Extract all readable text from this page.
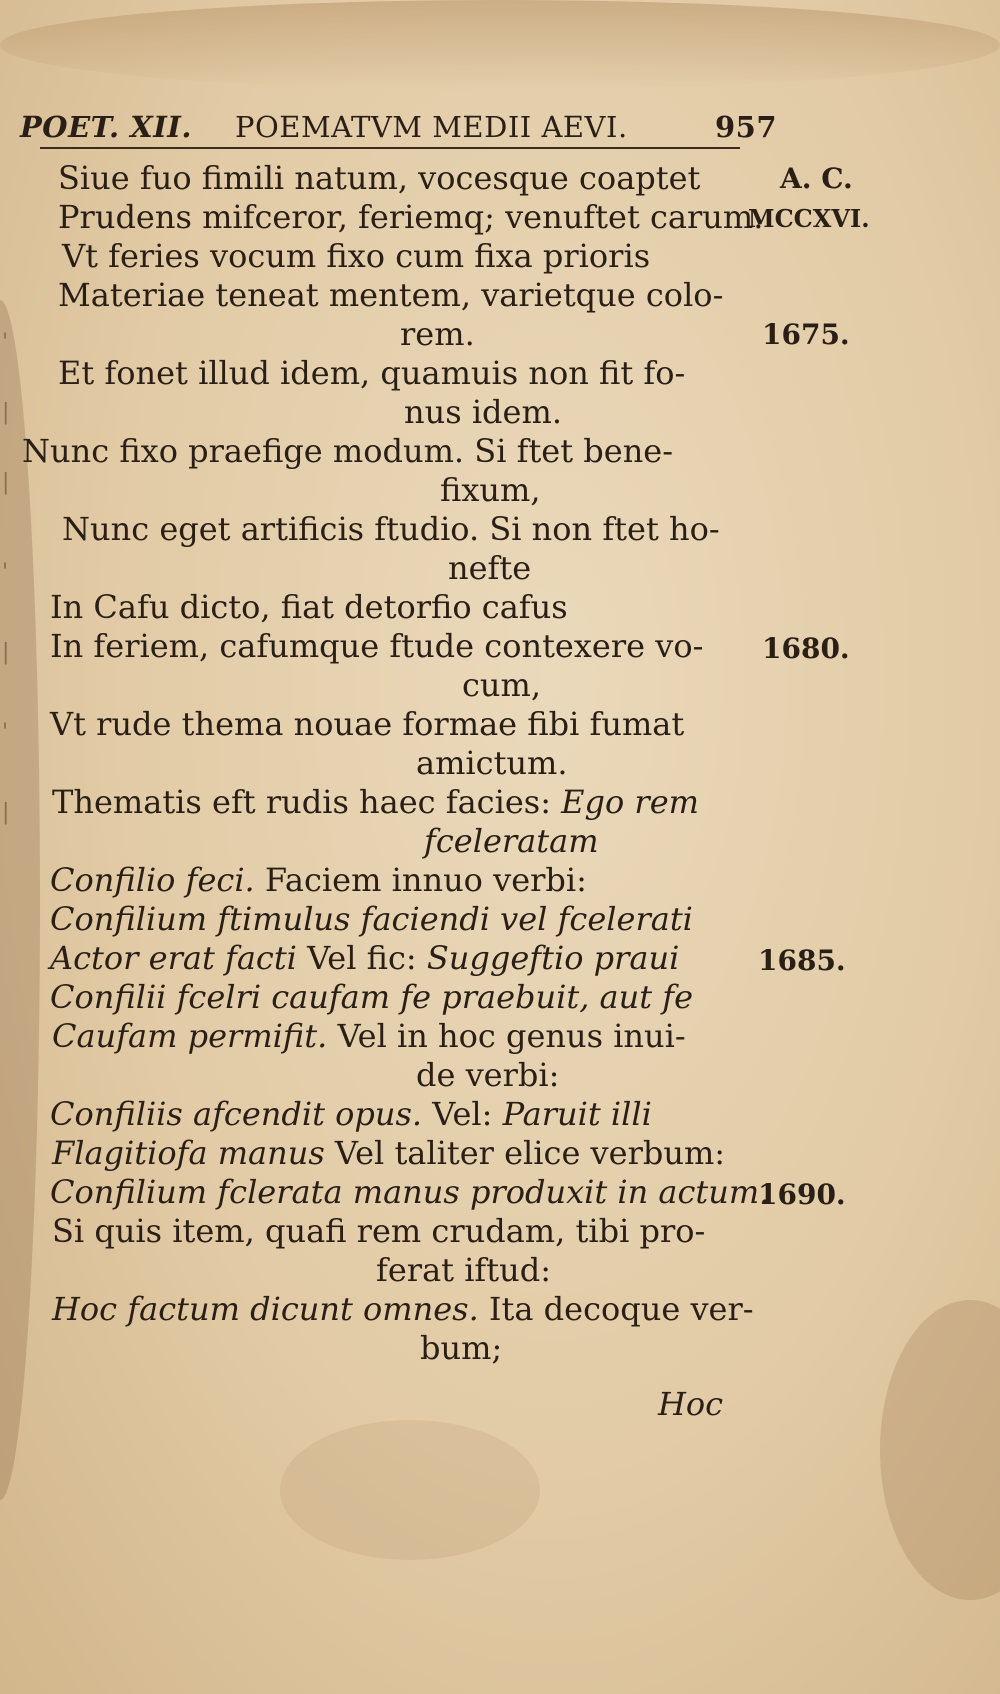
POET. XII. POEMATVM MEDII AEVI.	957
Siue fuo fimili natum, vocesque coaptet
Prudens mifceror, feriemq; venuftet carum.
Vt feries vocum fixo cum fixa prioris
Materiae teneat mentem, varietque colo-
rem.
Et fonet illud idem, quamuis non fit fo-
nus idem.
Nunc fixo praefige modum. Si ftet bene-
fixum,
Nunc eget artificis ftudio. Si non ftet ho-
nefte
In Cafu dicto, fiat detorfio cafus
In feriem, cafumque ftude contexere vo-
cum,
Vt rude thema nouae formae fibi fumat
amictum.
Thematis eft rudis haec facies: Ego rem
fceleratam
Confilio feci. Faciem innuo verbi:
Confilium ftimulus faciendi vel fcelerati
Actor erat facti Vel fic: Suggeftio praui
Confilii fcelri caufam fe praebuit, aut fe
Caufam permifit. Vel in hoc genus inui-
de verbi:
Confiliis afcendit opus. Vel: Paruit illi
Flagitiofa manus Vel taliter elice verbum:
Confilium fclerata manus produxit in actum.
Si quis item, quafi rem crudam, tibi pro-
ferat iftud:
Hoc factum dicunt omnes. Ita decoque ver-
bum;
Hoc
A. C.
MCCXVI.
1675.
1680.
1685.
1690.
'
|
|
'
|
'
|
